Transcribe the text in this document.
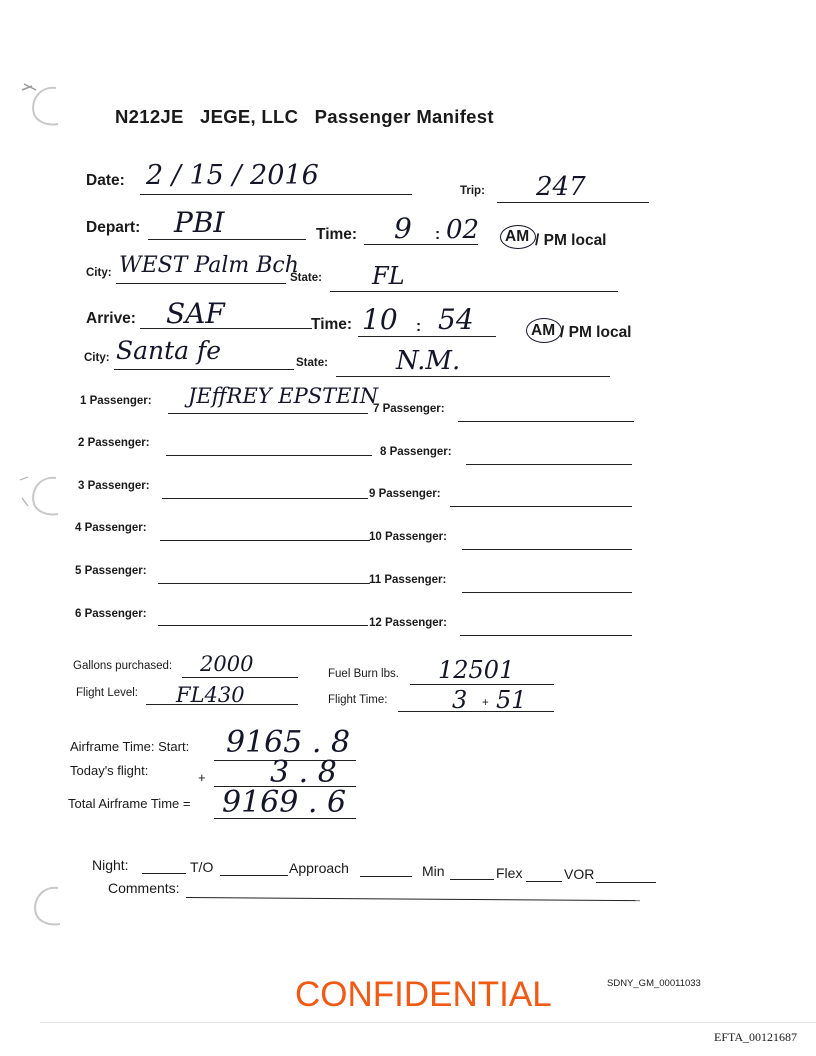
N212JE JEGE, LLC Passenger Manifest
Date: 2 / 15 / 2016	Trip: 247
Depart: PBI	Time: 9 : 02 AM / PM local
City: WEST Palm Bch
State: FL
Arrive: SAF	Time: 10 : 54	AM / PM local
City: Santa fe	State:	N.M.
1 Passenger: JEffREY EPSTEIN
2 Passenger:
3 Passenger:
4 Passenger:
5 Passenger:
6 Passenger:
7 Passenger:
8 Passenger:
9 Passenger:
10 Passenger:
11 Passenger:
12 Passenger:
Gallons purchased: 2000	Fuel Burn lbs. 12501
Flight Level: FL430	Flight Time:	3 + 51
Airframe Time: Start: 9165 . 8
Today's flight:	+ 3 . 8
Total Airframe Time = 9169 . 6
Night:	T/O	Approach	Min	Flex	VOR
Comments:
CONFIDENTIAL	SDNY_GM_00011033
EFTA_00121687
